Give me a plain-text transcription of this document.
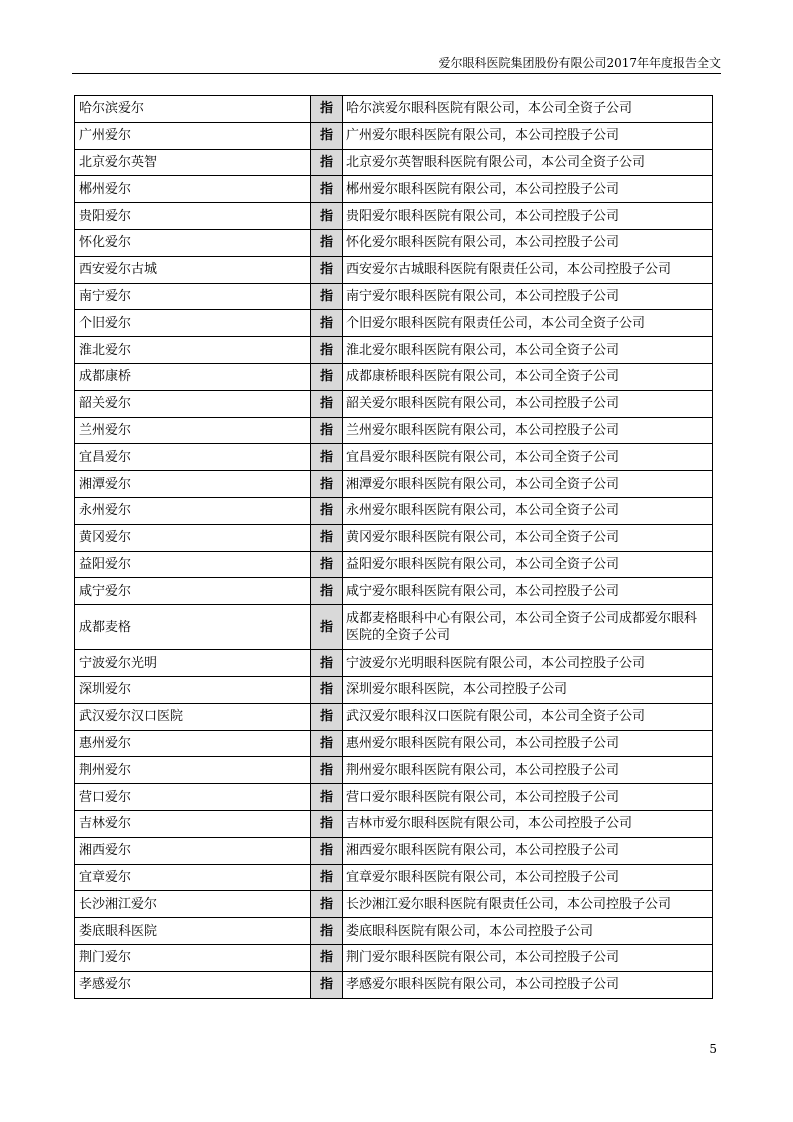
爱尔眼科医院集团股份有限公司2017年年度报告全文
哈尔滨爱尔	指	哈尔滨爱尔眼科医院有限公司，本公司全资子公司
广州爱尔	指	广州爱尔眼科医院有限公司，本公司控股子公司
北京爱尔英智	指	北京爱尔英智眼科医院有限公司，本公司全资子公司
郴州爱尔	指	郴州爱尔眼科医院有限公司，本公司控股子公司
贵阳爱尔	指	贵阳爱尔眼科医院有限公司，本公司控股子公司
怀化爱尔	指	怀化爱尔眼科医院有限公司，本公司控股子公司
西安爱尔古城	指	西安爱尔古城眼科医院有限责任公司，本公司控股子公司
南宁爱尔	指	南宁爱尔眼科医院有限公司，本公司控股子公司
个旧爱尔	指	个旧爱尔眼科医院有限责任公司，本公司全资子公司
淮北爱尔	指	淮北爱尔眼科医院有限公司，本公司全资子公司
成都康桥	指	成都康桥眼科医院有限公司，本公司全资子公司
韶关爱尔	指	韶关爱尔眼科医院有限公司，本公司控股子公司
兰州爱尔	指	兰州爱尔眼科医院有限公司，本公司控股子公司
宜昌爱尔	指	宜昌爱尔眼科医院有限公司，本公司全资子公司
湘潭爱尔	指	湘潭爱尔眼科医院有限公司，本公司全资子公司
永州爱尔	指	永州爱尔眼科医院有限公司，本公司全资子公司
黄冈爱尔	指	黄冈爱尔眼科医院有限公司，本公司全资子公司
益阳爱尔	指	益阳爱尔眼科医院有限公司，本公司全资子公司
咸宁爱尔	指	咸宁爱尔眼科医院有限公司，本公司控股子公司
成都麦格	指	成都麦格眼科中心有限公司，本公司全资子公司成都爱尔眼科医院的全资子公司
宁波爱尔光明	指	宁波爱尔光明眼科医院有限公司，本公司控股子公司
深圳爱尔	指	深圳爱尔眼科医院，本公司控股子公司
武汉爱尔汉口医院	指	武汉爱尔眼科汉口医院有限公司，本公司全资子公司
惠州爱尔	指	惠州爱尔眼科医院有限公司，本公司控股子公司
荆州爱尔	指	荆州爱尔眼科医院有限公司，本公司控股子公司
营口爱尔	指	营口爱尔眼科医院有限公司，本公司控股子公司
吉林爱尔	指	吉林市爱尔眼科医院有限公司，本公司控股子公司
湘西爱尔	指	湘西爱尔眼科医院有限公司，本公司控股子公司
宜章爱尔	指	宜章爱尔眼科医院有限公司，本公司控股子公司
长沙湘江爱尔	指	长沙湘江爱尔眼科医院有限责任公司，本公司控股子公司
娄底眼科医院	指	娄底眼科医院有限公司，本公司控股子公司
荆门爱尔	指	荆门爱尔眼科医院有限公司，本公司控股子公司
孝感爱尔	指	孝感爱尔眼科医院有限公司，本公司控股子公司
5
